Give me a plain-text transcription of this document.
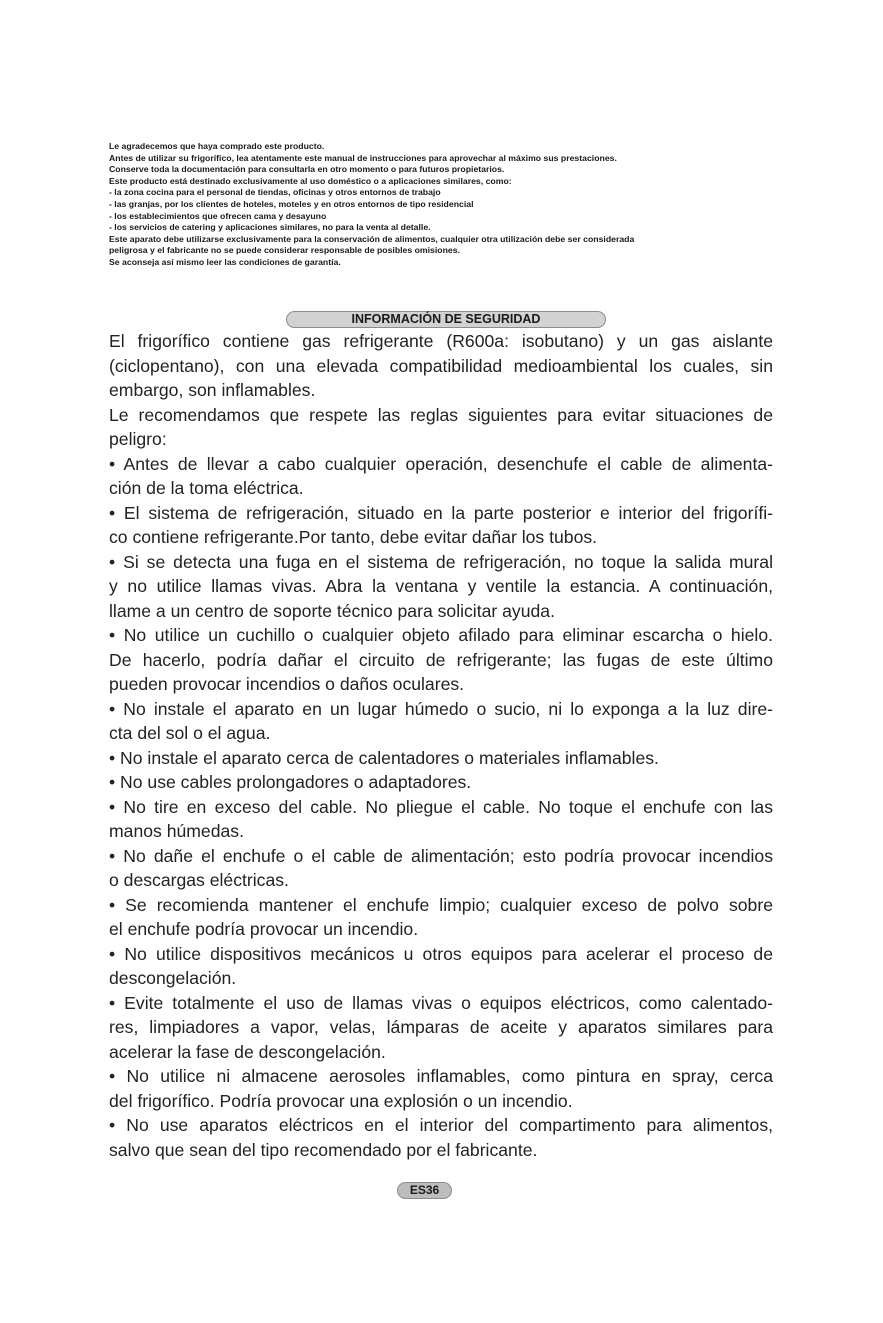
Le agradecemos que haya comprado este producto.
Antes de utilizar su frigorífico, lea atentamente este manual de instrucciones para aprovechar al máximo sus prestaciones.
Conserve toda la documentación para consultarla en otro momento o para futuros propietarios.
Este producto está destinado exclusivamente al uso doméstico o a aplicaciones similares, como:
- la zona cocina para el personal de tiendas, oficinas y otros entornos de trabajo
- las granjas, por los clientes de hoteles, moteles y en otros entornos de tipo residencial
- los establecimientos que ofrecen cama y desayuno
- los servicios de catering y aplicaciones similares, no para la venta al detalle.
Este aparato debe utilizarse exclusivamente para la conservación de alimentos, cualquier otra utilización debe ser considerada
peligrosa y el fabricante no se puede considerar responsable de posibles omisiones.
Se aconseja así mismo leer las condiciones de garantía.
INFORMACIÓN DE SEGURIDAD
El frigorífico contiene gas refrigerante (R600a: isobutano) y un gas aislante
(ciclopentano), con una elevada compatibilidad medioambiental los cuales, sin
embargo, son inflamables.
Le recomendamos que respete las reglas siguientes para evitar situaciones de
peligro:
• Antes de llevar a cabo cualquier operación, desenchufe el cable de alimenta-
ción de la toma eléctrica.
• El sistema de refrigeración, situado en la parte posterior e interior del frigorífi-
co contiene refrigerante.Por tanto, debe evitar dañar los tubos.
• Si se detecta una fuga en el sistema de refrigeración, no toque la salida mural
y no utilice llamas vivas. Abra la ventana y ventile la estancia. A continuación,
llame a un centro de soporte técnico para solicitar ayuda.
• No utilice un cuchillo o cualquier objeto afilado para eliminar escarcha o hielo.
De hacerlo, podría dañar el circuito de refrigerante; las fugas de este último
pueden provocar incendios o daños oculares.
• No instale el aparato en un lugar húmedo o sucio, ni lo exponga a la luz dire-
cta del sol o el agua.
• No instale el aparato cerca de calentadores o materiales inflamables.
• No use cables prolongadores o adaptadores.
• No tire en exceso del cable. No pliegue el cable. No toque el enchufe con las
manos húmedas.
• No dañe el enchufe o el cable de alimentación; esto podría provocar incendios
o descargas eléctricas.
• Se recomienda mantener el enchufe limpio; cualquier exceso de polvo sobre
el enchufe podría provocar un incendio.
• No utilice dispositivos mecánicos u otros equipos para acelerar el proceso de
descongelación.
• Evite totalmente el uso de llamas vivas o equipos eléctricos, como calentado-
res, limpiadores a vapor, velas, lámparas de aceite y aparatos similares para
acelerar la fase de descongelación.
• No utilice ni almacene aerosoles inflamables, como pintura en spray, cerca
del frigorífico. Podría provocar una explosión o un incendio.
• No use aparatos eléctricos en el interior del compartimento para alimentos,
salvo que sean del tipo recomendado por el fabricante.
ES36
